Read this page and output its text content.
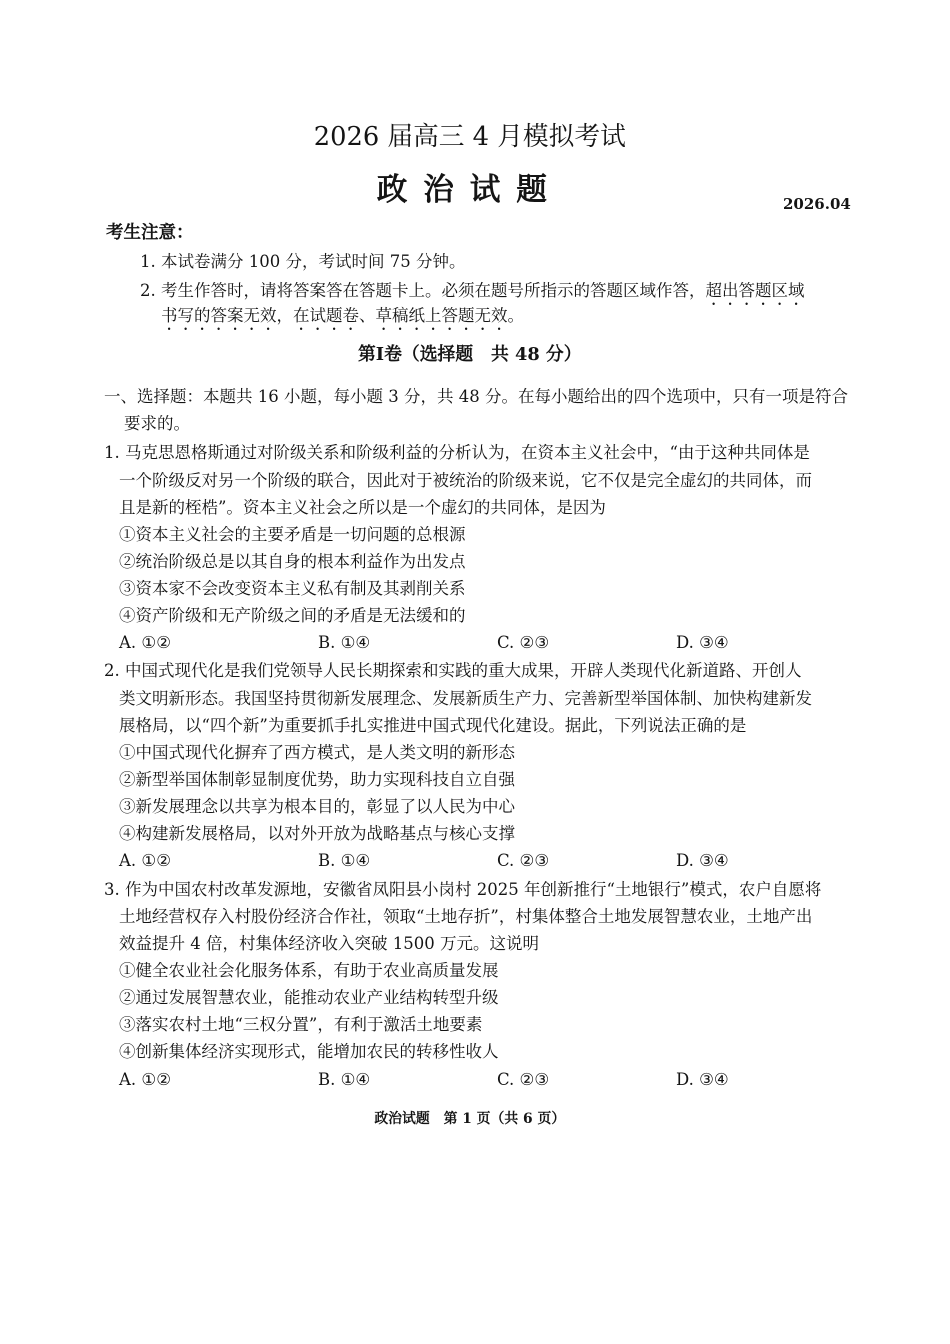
2026 届高三 4 月模拟考试
政治试题	2026.04
考生注意：
1. 本试卷满分 100 分，考试时间 75 分钟。
2. 考生作答时，请将答案答在答题卡上。必须在题号所指示的答题区域作答，超出答题区域
书写的答案无效，在试题卷、草稿纸上答题无效。
第Ⅰ卷（选择题　共 48 分）
一、选择题：本题共 16 小题，每小题 3 分，共 48 分。在每小题给出的四个选项中，只有一项是符合
要求的。
1. 马克思恩格斯通过对阶级关系和阶级利益的分析认为，在资本主义社会中，“由于这种共同体是
一个阶级反对另一个阶级的联合，因此对于被统治的阶级来说，它不仅是完全虚幻的共同体，而
且是新的桎梏”。资本主义社会之所以是一个虚幻的共同体，是因为
①资本主义社会的主要矛盾是一切问题的总根源
②统治阶级总是以其自身的根本利益作为出发点
③资本家不会改变资本主义私有制及其剥削关系
④资产阶级和无产阶级之间的矛盾是无法缓和的
A. ①②	B. ①④	C. ②③	D. ③④
2. 中国式现代化是我们党领导人民长期探索和实践的重大成果，开辟人类现代化新道路、开创人
类文明新形态。我国坚持贯彻新发展理念、发展新质生产力、完善新型举国体制、加快构建新发
展格局，以“四个新”为重要抓手扎实推进中国式现代化建设。据此，下列说法正确的是
①中国式现代化摒弃了西方模式，是人类文明的新形态
②新型举国体制彰显制度优势，助力实现科技自立自强
③新发展理念以共享为根本目的，彰显了以人民为中心
④构建新发展格局，以对外开放为战略基点与核心支撑
A. ①②	B. ①④	C. ②③	D. ③④
3. 作为中国农村改革发源地，安徽省凤阳县小岗村 2025 年创新推行“土地银行”模式，农户自愿将
土地经营权存入村股份经济合作社，领取“土地存折”，村集体整合土地发展智慧农业，土地产出
效益提升 4 倍，村集体经济收入突破 1500 万元。这说明
①健全农业社会化服务体系，有助于农业高质量发展
②通过发展智慧农业，能推动农业产业结构转型升级
③落实农村土地“三权分置”，有利于激活土地要素
④创新集体经济实现形式，能增加农民的转移性收人
A. ①②	B. ①④	C. ②③	D. ③④
政治试题　第 1 页（共 6 页）
